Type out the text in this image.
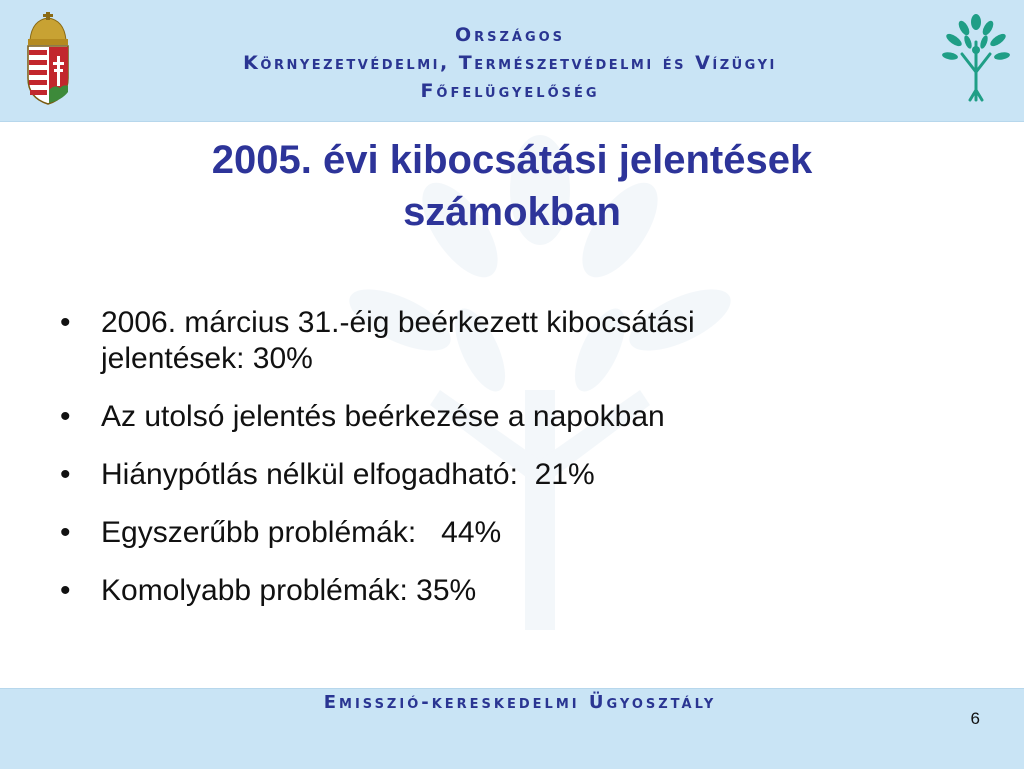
Országos
Környezetvédelmi, Természetvédelmi és Vízügyi
Főfelügyelőség
2005. évi kibocsátási jelentések
számokban
•	2006. március 31.-éig beérkezett kibocsátási
jelentések: 30%
•	Az utolsó jelentés beérkezése a napokban
•	Hiánypótlás nélkül elfogadható:  21%
•	Egyszerűbb problémák:   44%
•	Komolyabb problémák: 35%
Emisszió-kereskedelmi Ügyosztály
6
